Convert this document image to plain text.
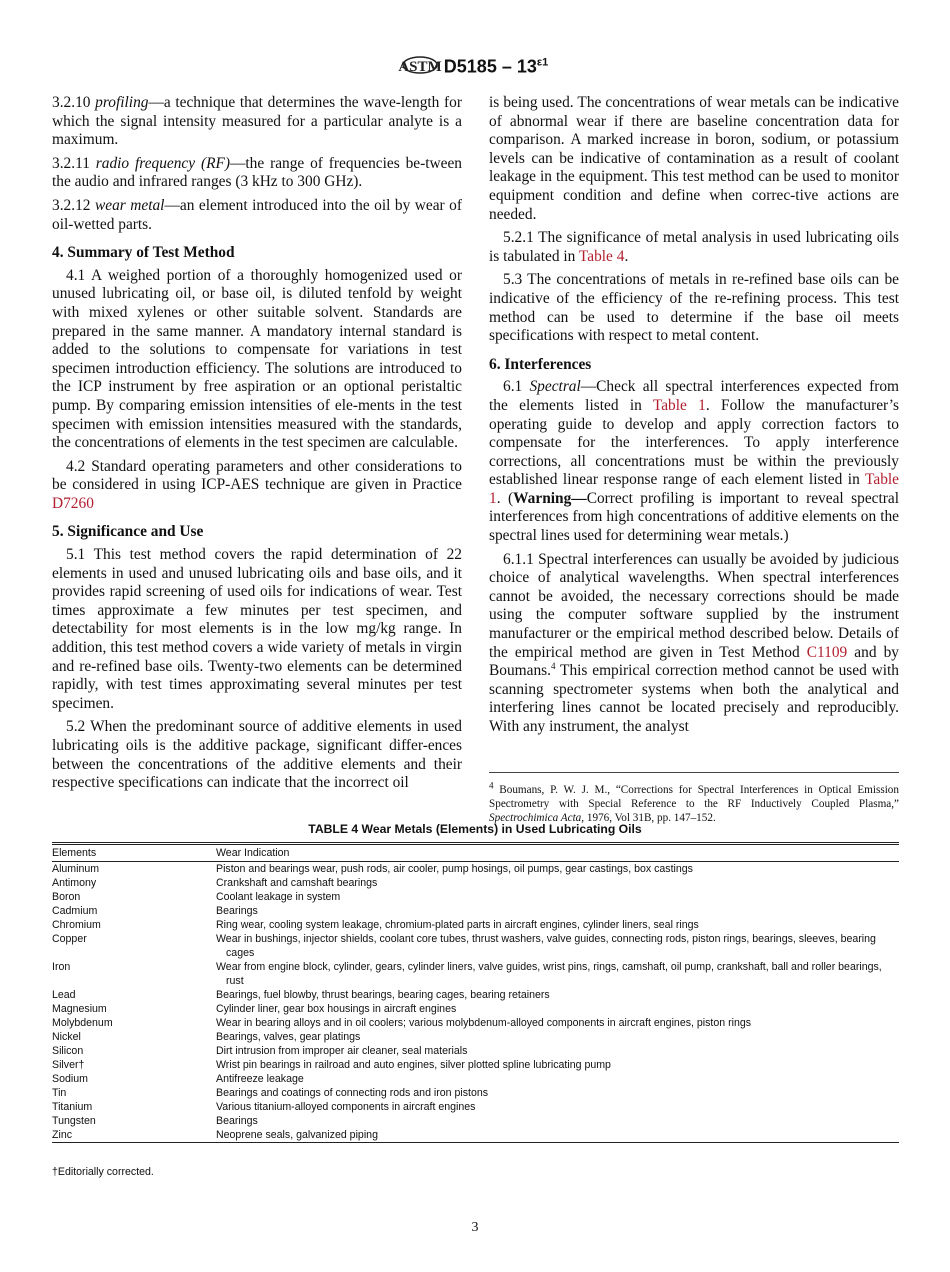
ASTM $D5185 - 13^{\varepsilon 1}$

3.2.10 profiling—a technique that determines the wave-length for which the signal intensity measured for a particular analyte is a maximum.

3.2.11 radio frequency (RF)—the range of frequencies be-tween the audio and infrared ranges (3 kHz to 300 GHz).

3.2.12 wear metal—an element introduced into the oil by wear of oil-wetted parts.

4. Summary of Test Method

4.1 A weighed portion of a thoroughly homogenized used or unused lubricating oil, or base oil, is diluted tenfold by weight with mixed xylenes or other suitable solvent. Standards are prepared in the same manner. A mandatory internal standard is added to the solutions to compensate for variations in test specimen introduction efficiency. The solutions are introduced to the ICP instrument by free aspiration or an optional peristaltic pump. By comparing emission intensities of ele-ments in the test specimen with emission intensities measured with the standards, the concentrations of elements in the test specimen are calculable.

4.2 Standard operating parameters and other considerations to be considered in using ICP-AES technique are given in Practice D7260

5. Significance and Use

5.1 This test method covers the rapid determination of 22 elements in used and unused lubricating oils and base oils, and it provides rapid screening of used oils for indications of wear. Test times approximate a few minutes per test specimen, and detectability for most elements is in the low mg/kg range. In addition, this test method covers a wide variety of metals in virgin and re-refined base oils. Twenty-two elements can be determined rapidly, with test times approximating several minutes per test specimen.

5.2 When the predominant source of additive elements in used lubricating oils is the additive package, significant differ-ences between the concentrations of the additive elements and their respective specifications can indicate that the incorrect oil

is being used. The concentrations of wear metals can be indicative of abnormal wear if there are baseline concentration data for comparison. A marked increase in boron, sodium, or potassium levels can be indicative of contamination as a result of coolant leakage in the equipment. This test method can be used to monitor equipment condition and define when correc-tive actions are needed.

5.2.1 The significance of metal analysis in used lubricating oils is tabulated in Table 4.

5.3 The concentrations of metals in re-refined base oils can be indicative of the efficiency of the re-refining process. This test method can be used to determine if the base oil meets specifications with respect to metal content.

6. Interferences

6.1 Spectral—Check all spectral interferences expected from the elements listed in Table 1. Follow the manufacturer’s operating guide to develop and apply correction factors to compensate for the interferences. To apply interference corrections, all concentrations must be within the previously established linear response range of each element listed in Table 1. (Warning—Correct profiling is important to reveal spectral interferences from high concentrations of additive elements on the spectral lines used for determining wear metals.)

6.1.1 Spectral interferences can usually be avoided by judicious choice of analytical wavelengths. When spectral interferences cannot be avoided, the necessary corrections should be made using the computer software supplied by the instrument manufacturer or the empirical method described below. Details of the empirical method are given in Test Method C1109 and by Boumans.$^4$ This empirical correction method cannot be used with scanning spectrometer systems when both the analytical and interfering lines cannot be located precisely and reproducibly. With any instrument, the analyst

$^4$ Boumans, P. W. J. M., “Corrections for Spectral Interferences in Optical Emission Spectrometry with Special Reference to the RF Inductively Coupled Plasma,” Spectrochimica Acta, 1976, Vol 31B, pp. 147–152.
TABLE 4 Wear Metals (Elements) in Used Lubricating Oils
Elements	Wear Indication
Aluminum	Piston and bearings wear, push rods, air cooler, pump hosings, oil pumps, gear castings, box castings
Antimony	Crankshaft and camshaft bearings
Boron	Coolant leakage in system
Cadmium	Bearings
Chromium	Ring wear, cooling system leakage, chromium-plated parts in aircraft engines, cylinder liners, seal rings
Copper	Wear in bushings, injector shields, coolant core tubes, thrust washers, valve guides, connecting rods, piston rings, bearings, sleeves, bearing cages
Iron	Wear from engine block, cylinder, gears, cylinder liners, valve guides, wrist pins, rings, camshaft, oil pump, crankshaft, ball and roller bearings, rust
Lead	Bearings, fuel blowby, thrust bearings, bearing cages, bearing retainers
Magnesium	Cylinder liner, gear box housings in aircraft engines
Molybdenum	Wear in bearing alloys and in oil coolers; various molybdenum-alloyed components in aircraft engines, piston rings
Nickel	Bearings, valves, gear platings
Silicon	Dirt intrusion from improper air cleaner, seal materials
Silver†	Wrist pin bearings in railroad and auto engines, silver plotted spline lubricating pump
Sodium	Antifreeze leakage
Tin	Bearings and coatings of connecting rods and iron pistons
Titanium	Various titanium-alloyed components in aircraft engines
Tungsten	Bearings
Zinc	Neoprene seals, galvanized piping
†Editorially corrected.
3
